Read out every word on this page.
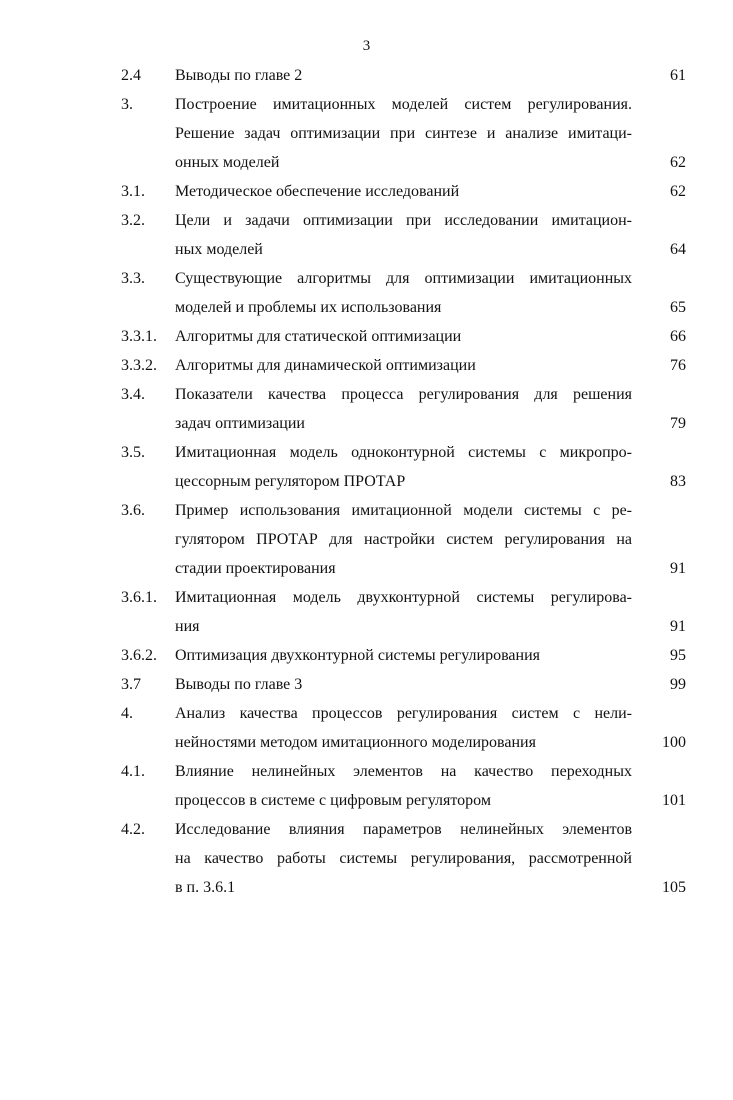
3
2.4 Выводы по главе 2	61
3.	Построение имитационных моделей систем регулирования.
Решение задач оптимизации при синтезе и анализе имитаци-
онных моделей	62
3.1. Методическое обеспечение исследований	62
3.2. Цели и задачи оптимизации при исследовании имитацион-
ных моделей	64
3.3. Существующие алгоритмы для оптимизации имитационных
моделей и проблемы их использования	65
3.3.1. Алгоритмы для статической оптимизации	66
3.3.2. Алгоритмы для динамической оптимизации	76
3.4. Показатели качества процесса регулирования для решения
задач оптимизации	79
3.5. Имитационная модель одноконтурной системы с микропро-
цессорным регулятором ПРОТАР	83
3.6. Пример использования имитационной модели системы с ре-
гулятором ПРОТАР для настройки систем регулирования на
стадии проектирования	91
3.6.1. Имитационная модель двухконтурной системы регулирова-
ния	91
3.6.2. Оптимизация двухконтурной системы регулирования	95
3.7 Выводы по главе 3	99
4.	Анализ качества процессов регулирования систем с нели-
нейностями методом имитационного моделирования	100
4.1. Влияние нелинейных элементов на качество переходных
процессов в системе с цифровым регулятором	101
4.2. Исследование влияния параметров нелинейных элементов
на качество работы системы регулирования, рассмотренной
в п. 3.6.1	105
